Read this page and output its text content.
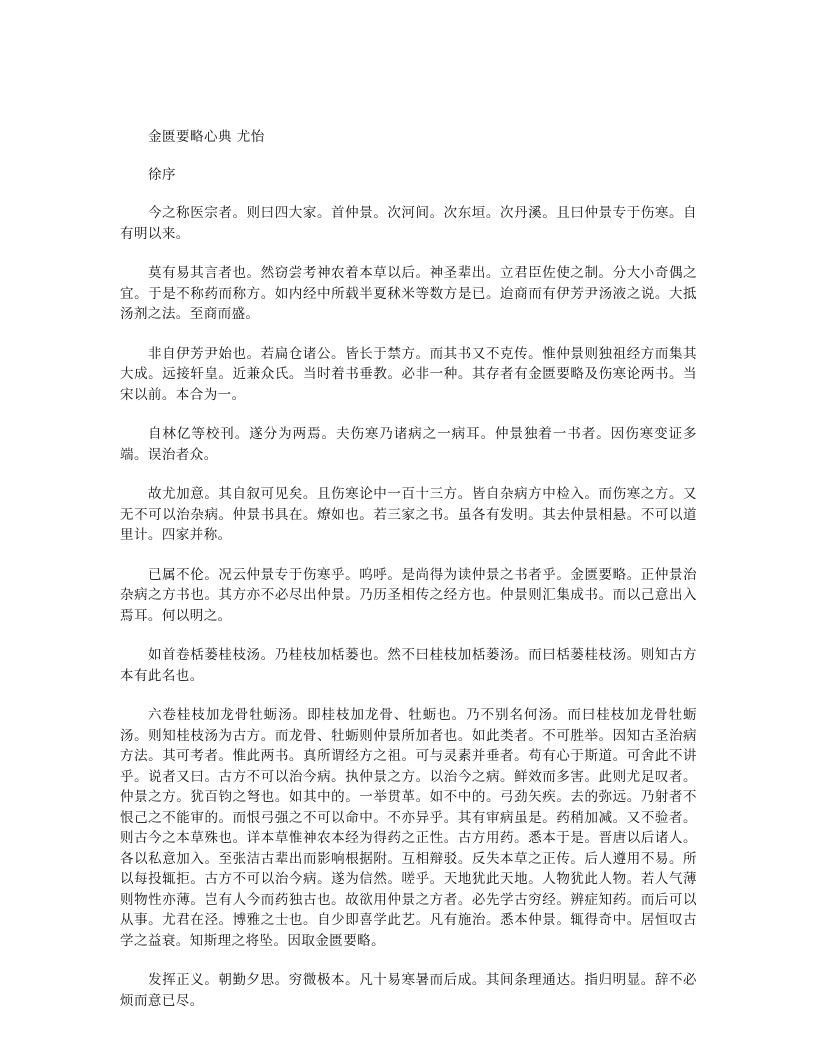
金匮要略心典 尤怡

徐序

今之称医宗者。则曰四大家。首仲景。次河间。次东垣。次丹溪。且曰仲景专于伤寒。自有明以来。

莫有易其言者也。然窃尝考神农着本草以后。神圣辈出。立君臣佐使之制。分大小奇偶之宜。于是不称药而称方。如内经中所载半夏秫米等数方是已。迨商而有伊芳尹汤液之说。大抵汤剂之法。至商而盛。

非自伊芳尹始也。若扁仓诸公。皆长于禁方。而其书又不克传。惟仲景则独祖经方而集其大成。远接轩皇。近兼众氏。当时着书垂教。必非一种。其存者有金匮要略及伤寒论两书。当宋以前。本合为一。

自林亿等校刊。遂分为两焉。夫伤寒乃诸病之一病耳。仲景独着一书者。因伤寒变证多端。误治者众。

故尤加意。其自叙可见矣。且伤寒论中一百十三方。皆自杂病方中检入。而伤寒之方。又无不可以治杂病。仲景书具在。燎如也。若三家之书。虽各有发明。其去仲景相悬。不可以道里计。四家并称。

已属不伦。况云仲景专于伤寒乎。呜呼。是尚得为读仲景之书者乎。金匮要略。正仲景治杂病之方书也。其方亦不必尽出仲景。乃历圣相传之经方也。仲景则汇集成书。而以己意出入焉耳。何以明之。

如首卷栝蒌桂枝汤。乃桂枝加栝蒌也。然不曰桂枝加栝蒌汤。而曰栝蒌桂枝汤。则知古方本有此名也。

六卷桂枝加龙骨牡蛎汤。即桂枝加龙骨、牡蛎也。乃不别名何汤。而曰桂枝加龙骨牡蛎汤。则知桂枝汤为古方。而龙骨、牡蛎则仲景所加者也。如此类者。不可胜举。因知古圣治病方法。其可考者。惟此两书。真所谓经方之祖。可与灵素并垂者。苟有心于斯道。可舍此不讲乎。说者又曰。古方不可以治今病。执仲景之方。以治今之病。鲜效而多害。此则尤足叹者。仲景之方。犹百钧之弩也。如其中的。一举贯革。如不中的。弓劲矢疾。去的弥远。乃射者不恨己之不能审的。而恨弓强之不可以命中。不亦异乎。其有审病虽是。药稍加减。又不验者。则古今之本草殊也。详本草惟神农本经为得药之正性。古方用药。悉本于是。晋唐以后诸人。各以私意加入。至张洁古辈出而影响根据附。互相辩驳。反失本草之正传。后人遵用不易。所以每投辄拒。古方不可以治今病。遂为信然。嗟乎。天地犹此天地。人物犹此人物。若人气薄则物性亦薄。岂有人今而药独古也。故欲用仲景之方者。必先学古穷经。辨症知药。而后可以从事。尤君在泾。博雅之士也。自少即喜学此艺。凡有施治。悉本仲景。辄得奇中。居恒叹古学之益衰。知斯理之将坠。因取金匮要略。

发挥正义。朝勤夕思。穷微极本。凡十易寒暑而后成。其间条理通达。指归明显。辞不必烦而意已尽。
